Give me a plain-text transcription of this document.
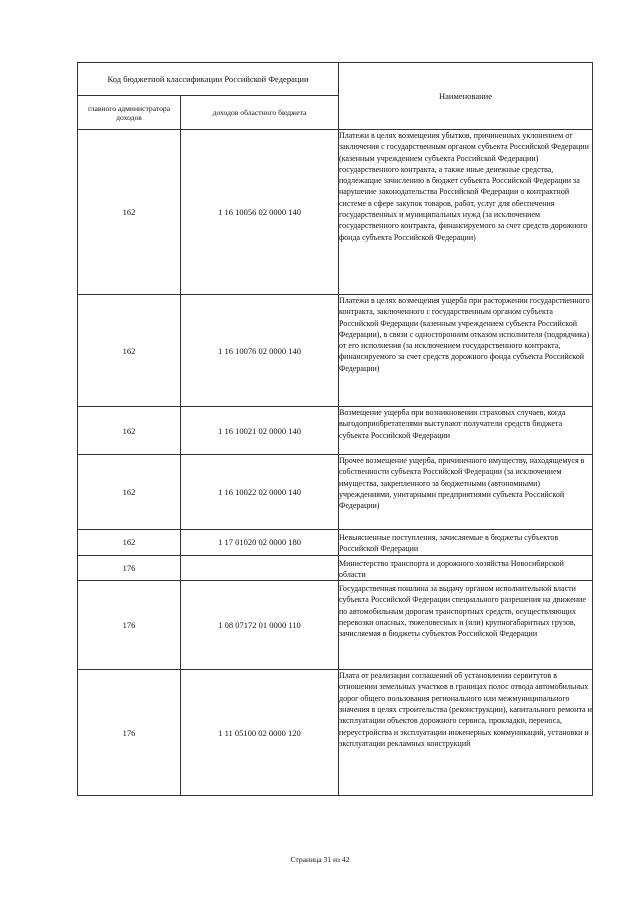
Код бюджетной классификации Российской Федерации		Наименование
главного администратора доходов	доходов областного бюджета	
162	1 16 10056 02 0000 140	Платежи в целях возмещения убытков, причиненных уклонением от заключения с государственным органом субъекта Российской Федерации (казенным учреждением субъекта Российской Федерации) государственного контракта, а также иные денежные средства, подлежащие зачислению в бюджет субъекта Российской Федерации за нарушение законодательства Российской Федерации о контрактной системе в сфере закупок товаров, работ, услуг для обеспечения государственных и муниципальных нужд (за исключением государственного контракта, финансируемого за счет средств дорожного фонда субъекта Российской Федерации)
162	1 16 10076 02 0000 140	Платежи в целях возмещения ущерба при расторжении государственного контракта, заключенного с государственным органом субъекта Российской Федерации (казенным учреждением субъекта Российской Федерации), в связи с односторонним отказом исполнителя (подрядчика) от его исполнения (за исключением государственного контракта, финансируемого за счет средств дорожного фонда субъекта Российской Федерации)
162	1 16 10021 02 0000 140	Возмещение ущерба при возникновении страховых случаев, когда выгодоприобретателями выступают получатели средств бюджета субъекта Российской Федерации
162	1 16 10022 02 0000 140	Прочее возмещение ущерба, причиненного имуществу, находящемуся в собственности субъекта Российской Федерации (за исключением имущества, закрепленного за бюджетными (автономными) учреждениями, унитарными предприятиями субъекта Российской Федерации)
162	1 17 01020 02 0000 180	Невыясненные поступления, зачисляемые в бюджеты субъектов Российской Федерации
176		Министерство транспорта и дорожного хозяйства Новосибирской области
176	1 08 07172 01 0000 110	Государственная пошлина за выдачу органом исполнительной власти субъекта Российской Федерации специального разрешения на движение по автомобильным дорогам транспортных средств, осуществляющих перевозки опасных, тяжеловесных и (или) крупногабаритных грузов, зачисляемая в бюджеты субъектов Российской Федерации
176	1 11 05100 02 0000 120	Плата от реализации соглашений об установлении сервитутов в отношении земельных участков в границах полос отвода автомобильных дорог общего пользования регионального или межмуниципального значения в целях строительства (реконструкции), капитального ремонта и эксплуатации объектов дорожного сервиса, прокладки, переноса, переустройства и эксплуатации инженерных коммуникаций, установки и эксплуатации рекламных конструкций
Страница 31 из 42
